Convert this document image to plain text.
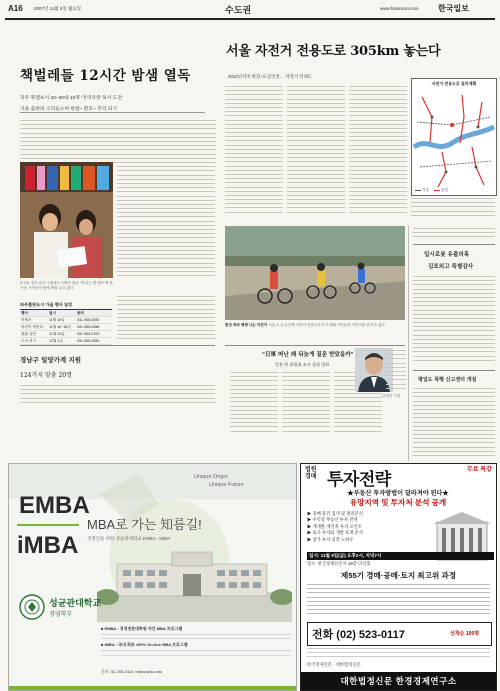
A16	2007년 11월 5일 월요일	수도권	www.hankooki.com 한국일보
책벌레들 12시간 밤샘 열독
파주 북캠프서 20~30대 10명 '지역사랑 독서 도전'
가을 출판의 소리들으며 한밤~ 환호~ 추억 되기
2~3일 경기 파주시 출판도시에서 열린 '책 읽는 밤 캠프'에 참가한 시민들이 밤새 책을 읽고 있다.
파주출판도시 가을 행사 일정
행사	일시	문의
북캠프	11월 10일	031-955-0050
어린이 책잔치	11월 16~18일	031-955-0088
출판 강연	11월 24일	031-955-0700
도서 전시	12월 1일	031-955-0050
경남구 일양가계 지원
124가지 맞춤 20명
서울 자전거 전용도로 305km 놓는다
2010년까지 한강~도심연결… 자전거 길대도
자전거 전용도로 설치계획
기존	신설
한강 따라 쌩쌩 나는 자전거 서울 도심 곳곳에 자전거 전용도로가 조성돼 시민들이 자전거를 즐기고 있다.
"日軍 떠난 왜 뒤늦게 질문 받았을까"
일본 한 위원회 조사 결과 발표
김재진 기자
입시로봇 유출의혹
김포외고 특별감사
평일도 폭행 신고센터 개설
Unique Origin
Unique Future
EMBA
iMBA
MBA로 가는 知름길!
직장인을 위한 성균관대학교 EMBA · iMBA
성균관대학교
경영학부
■ EMBA : 경영전문대학원 야간 MBA 프로그램
■ iMBA : 국내 최초 100% On-line MBA 프로그램
문의: 02-760-0114 / www.skku.edu
법원 경매 투자전략	무료 특강
★부동산 투자방법이 달라져야 된다★
유망지역 및 투자처 분석 공개
▶ 경매 물건 검색 및 권리분석
▶ 수익형 부동산 투자 전략
▶ 재개발·재건축 투자 포인트
▶ 토지 투자와 개발 호재 분석
▶ 상가 투자 실전 노하우
일시: 11월 9일(금) 오후2시, 저녁7시
장소: 한국경제신문사 18층 다산홀
제55기 경매·공매·토지 최고위 과정
전화 (02) 523-0117	선착순 100명
한국경제신문 · 대한법정신문
대한법정신문 한경경제연구소
